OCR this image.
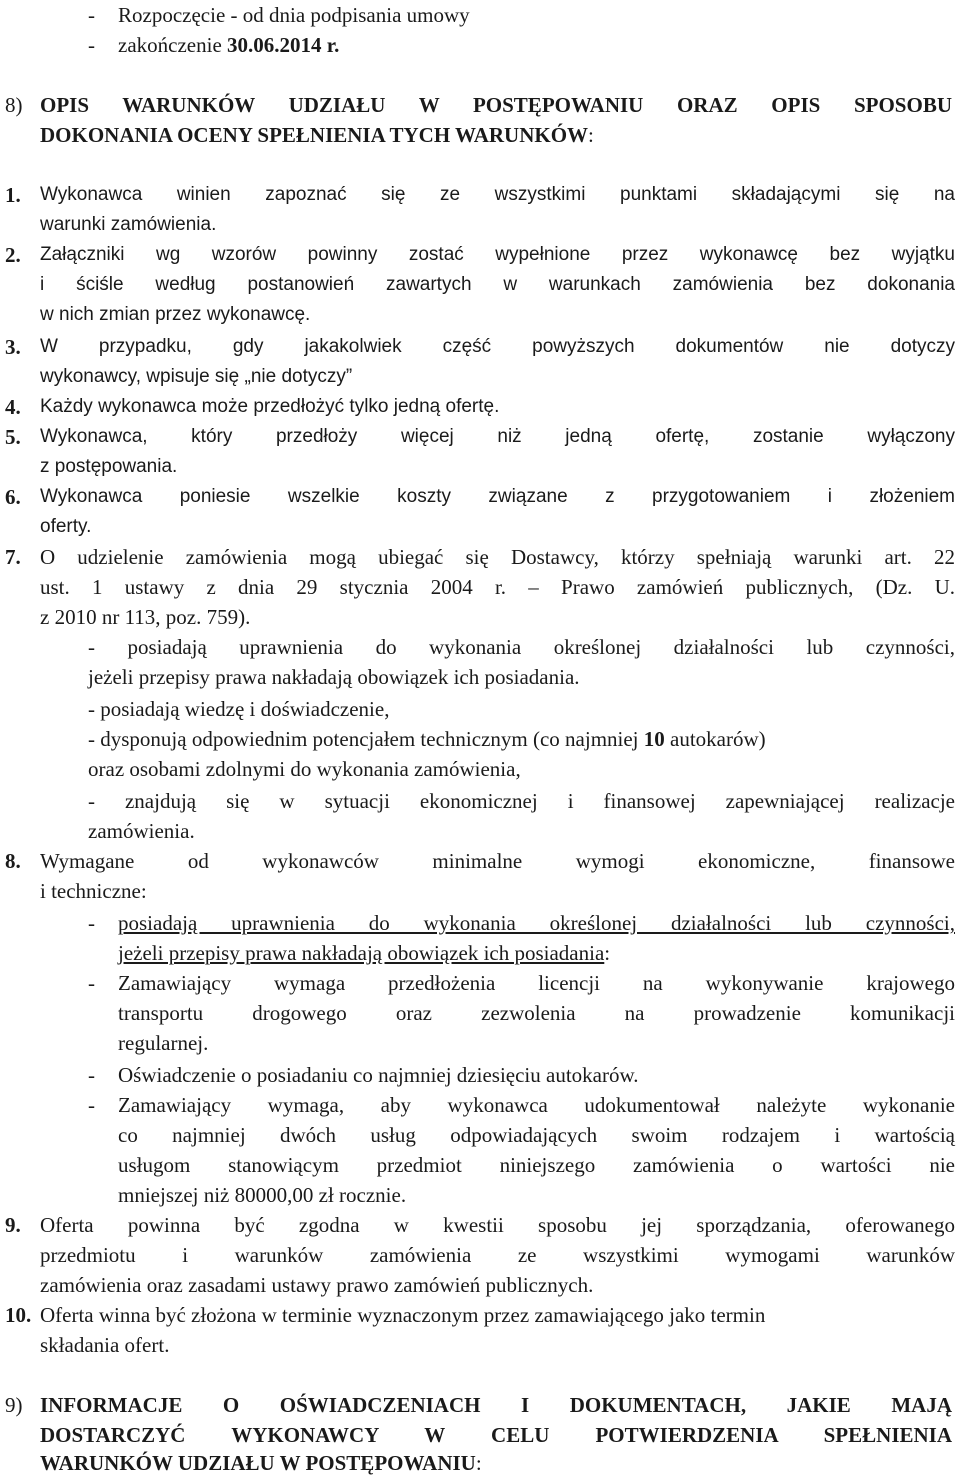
- Rozpoczęcie - od dnia podpisania umowy
- zakończenie 30.06.2014 r.
8) OPIS WARUNKÓW UDZIAŁU W POSTĘPOWANIU ORAZ OPIS SPOSOBU
DOKONANIA OCENY SPEŁNIENIA TYCH WARUNKÓW:
1. Wykonawca winien zapoznać się ze wszystkimi punktami składającymi się na
warunki zamówienia.
2. Załączniki wg wzorów powinny zostać wypełnione przez wykonawcę bez wyjątku
i ściśle według postanowień zawartych w warunkach zamówienia bez dokonania
w nich zmian przez wykonawcę.
3. W przypadku, gdy jakakolwiek część powyższych dokumentów nie dotyczy
wykonawcy, wpisuje się „nie dotyczy”
4. Każdy wykonawca może przedłożyć tylko jedną ofertę.
5. Wykonawca, który przedłoży więcej niż jedną ofertę, zostanie wyłączony
z postępowania.
6. Wykonawca poniesie wszelkie koszty związane z przygotowaniem i złożeniem
oferty.
7. O udzielenie zamówienia mogą ubiegać się Dostawcy, którzy spełniają warunki art. 22
ust. 1 ustawy z dnia 29 stycznia 2004 r. – Prawo zamówień publicznych, (Dz. U.
z 2010 nr 113, poz. 759).
- posiadają uprawnienia do wykonania określonej działalności lub czynności,
jeżeli przepisy prawa nakładają obowiązek ich posiadania.
- posiadają wiedzę i doświadczenie,
- dysponują odpowiednim potencjałem technicznym (co najmniej 10 autokarów)
oraz osobami zdolnymi do wykonania zamówienia,
- znajdują się w sytuacji ekonomicznej i finansowej zapewniającej realizacje
zamówienia.
8. Wymagane od wykonawców minimalne wymogi ekonomiczne, finansowe
i techniczne:
- posiadają uprawnienia do wykonania określonej działalności lub czynności,
jeżeli przepisy prawa nakładają obowiązek ich posiadania:
- Zamawiający wymaga przedłożenia licencji na wykonywanie krajowego
transportu drogowego oraz zezwolenia na prowadzenie komunikacji
regularnej.
- Oświadczenie o posiadaniu co najmniej dziesięciu autokarów.
- Zamawiający wymaga, aby wykonawca udokumentował należyte wykonanie
co najmniej dwóch usług odpowiadających swoim rodzajem i wartością
usługom stanowiącym przedmiot niniejszego zamówienia o wartości nie
mniejszej niż 80000,00 zł rocznie.
9. Oferta powinna być zgodna w kwestii sposobu jej sporządzania, oferowanego
przedmiotu i warunków zamówienia ze wszystkimi wymogami warunków
zamówienia oraz zasadami ustawy prawo zamówień publicznych.
10. Oferta winna być złożona w terminie wyznaczonym przez zamawiającego jako termin
składania ofert.
9) INFORMACJE O OŚWIADCZENIACH I DOKUMENTACH, JAKIE MAJĄ
DOSTARCZYĆ WYKONAWCY W CELU POTWIERDZENIA SPEŁNIENIA
WARUNKÓW UDZIAŁU W POSTĘPOWANIU:
